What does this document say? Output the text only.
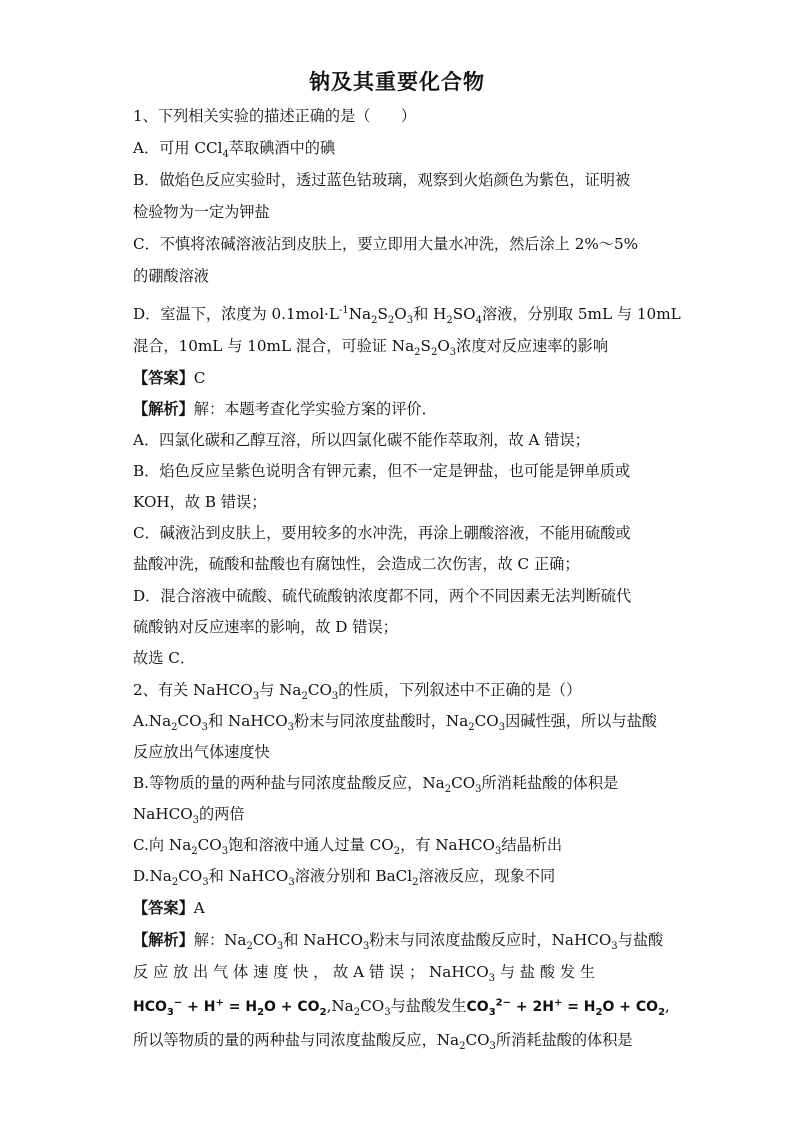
钠及其重要化合物
1、下列相关实验的描述正确的是（　　）
A．可用 CCl$_4$萃取碘酒中的碘
B．做焰色反应实验时，透过蓝色钴玻璃，观察到火焰颜色为紫色，证明被
检验物为一定为钾盐
C．不慎将浓碱溶液沾到皮肤上，要立即用大量水冲洗，然后涂上 2%～5%
的硼酸溶液
D．室温下，浓度为 $0.1mol\cdot L^{-1}Na_2S_2O_3$和 $H_2SO_4$溶液，分别取 5mL 与 10mL
混合，10mL 与 10mL 混合，可验证 $Na_2S_2O_3$浓度对反应速率的影响
【答案】C
【解析】解：本题考查化学实验方案的评价．
A．四氯化碳和乙醇互溶，所以四氯化碳不能作萃取剂，故 A 错误；
B．焰色反应呈紫色说明含有钾元素，但不一定是钾盐，也可能是钾单质或
KOH，故 B 错误；
C．碱液沾到皮肤上，要用较多的水冲洗，再涂上硼酸溶液，不能用硫酸或
盐酸冲洗，硫酸和盐酸也有腐蚀性，会造成二次伤害，故 C 正确；
D．混合溶液中硫酸、硫代硫酸钠浓度都不同，两个不同因素无法判断硫代
硫酸钠对反应速率的影响，故 D 错误；
故选 C．
2、有关 NaHCO$_3$与 $Na_2CO_3$的性质，下列叙述中不正确的是（）
$A.Na_2CO_3$和 NaHCO$_3$粉末与同浓度盐酸时，$Na_2CO_3$因碱性强，所以与盐酸
反应放出气体速度快
B.等物质的量的两种盐与同浓度盐酸反应，$Na_2CO_3$所消耗盐酸的体积是
NaHCO$_3$的两倍
C.向 $Na_2CO_3$饱和溶液中通人过量 $CO_2$，有 NaHCO$_3$结晶析出
$D.Na_2CO_3$和 NaHCO$_3$溶液分别和 BaCl$_2$溶液反应，现象不同
【答案】A
【解析】解：$Na_2CO_3$和 NaHCO$_3$粉末与同浓度盐酸反应时，NaHCO$_3$与盐酸
反 应 放 出 气 体 速 度 快 ， 故 A 错 误 ； NaHCO$_3$ 与 盐 酸 发 生
$HCO_3^- + H^+ = H_2O + CO_2,Na_2CO_3$与盐酸发生$CO_3^{2-} + 2H^+ = H_2O + CO_2$,
所以等物质的量的两种盐与同浓度盐酸反应，$Na_2CO_3$所消耗盐酸的体积是
